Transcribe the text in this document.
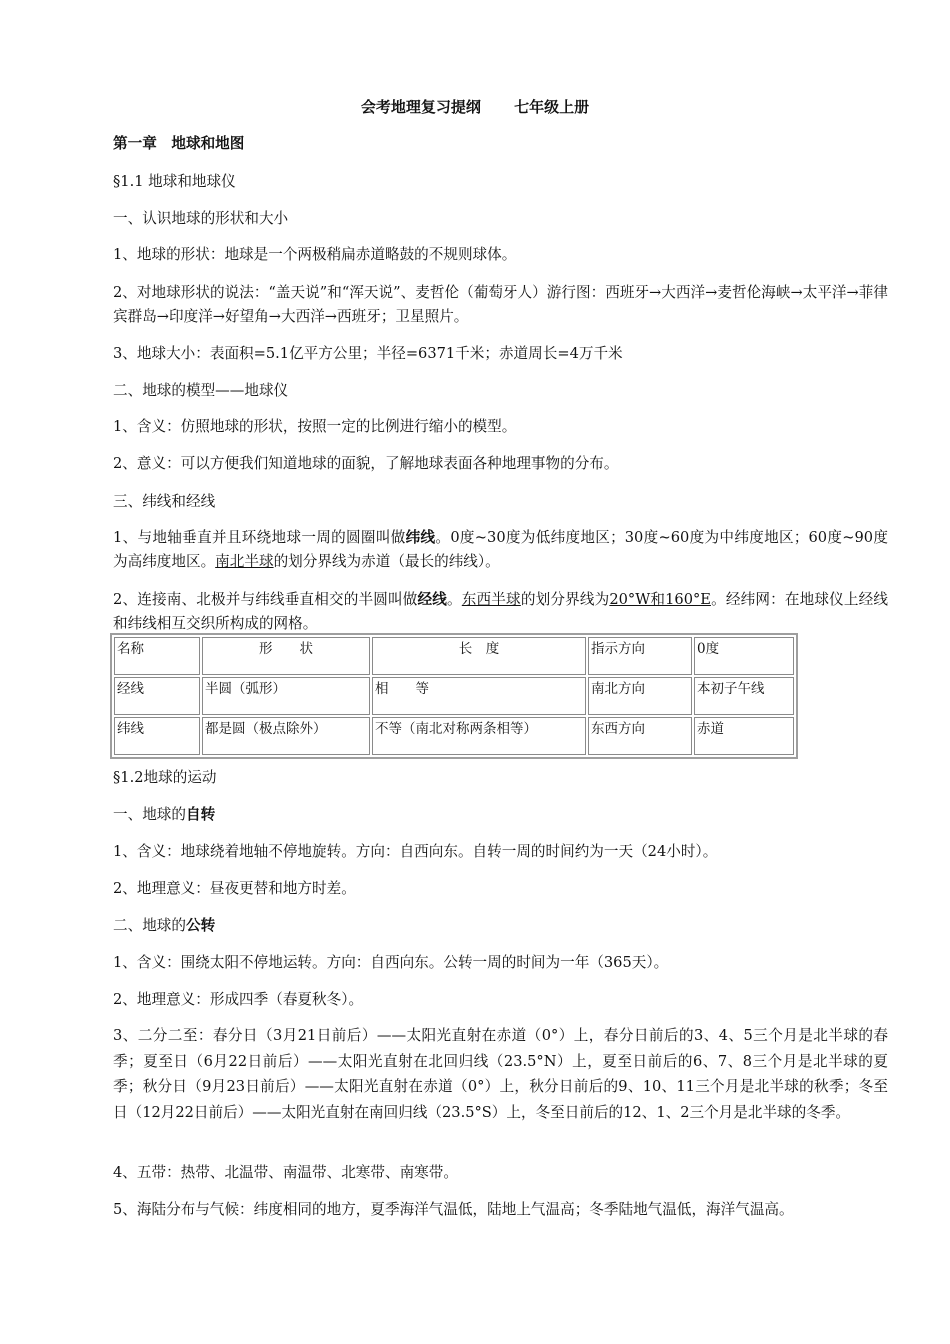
会考地理复习提纲 七年级上册
第一章　地球和地图
§1.1 地球和地球仪
一、认识地球的形状和大小
1、地球的形状：地球是一个两极稍扁赤道略鼓的不规则球体。
2、对地球形状的说法：“盖天说”和“浑天说”、麦哲伦（葡萄牙人）游行图：西班牙→大西洋→麦哲伦海峡→太平洋→菲律宾群岛→印度洋→好望角→大西洋→西班牙；卫星照片。
3、地球大小：表面积=5.1亿平方公里；半径=6371千米；赤道周长=4万千米
二、地球的模型——地球仪
1、含义：仿照地球的形状，按照一定的比例进行缩小的模型。
2、意义：可以方便我们知道地球的面貌，了解地球表面各种地理事物的分布。
三、纬线和经线
1、与地轴垂直并且环绕地球一周的圆圈叫做纬线。0度~30度为低纬度地区；30度~60度为中纬度地区；60度~90度为高纬度地区。南北半球的划分界线为赤道（最长的纬线）。
2、连接南、北极并与纬线垂直相交的半圆叫做经线。东西半球的划分界线为20°W和160°E。经纬网：在地球仪上经线和纬线相互交织所构成的网格。
名称	形　　状	长　度	指示方向	0度
经线	半圆（弧形）	相　　等	南北方向	本初子午线
纬线	都是圆（极点除外）	不等（南北对称两条相等）	东西方向	赤道
§1.2地球的运动
一、地球的自转
1、含义：地球绕着地轴不停地旋转。方向：自西向东。自转一周的时间约为一天（24小时）。
2、地理意义：昼夜更替和地方时差。
二、地球的公转
1、含义：围绕太阳不停地运转。方向：自西向东。公转一周的时间为一年（365天）。
2、地理意义：形成四季（春夏秋冬）。
3、二分二至：春分日（3月21日前后）——太阳光直射在赤道（0°）上，春分日前后的3、4、5三个月是北半球的春季；夏至日（6月22日前后）——太阳光直射在北回归线（23.5°N）上，夏至日前后的6、7、8三个月是北半球的夏季；秋分日（9月23日前后）——太阳光直射在赤道（0°）上，秋分日前后的9、10、11三个月是北半球的秋季；冬至日（12月22日前后）——太阳光直射在南回归线（23.5°S）上，冬至日前后的12、1、2三个月是北半球的冬季。
4、五带：热带、北温带、南温带、北寒带、南寒带。
5、海陆分布与气候：纬度相同的地方，夏季海洋气温低，陆地上气温高；冬季陆地气温低，海洋气温高。
